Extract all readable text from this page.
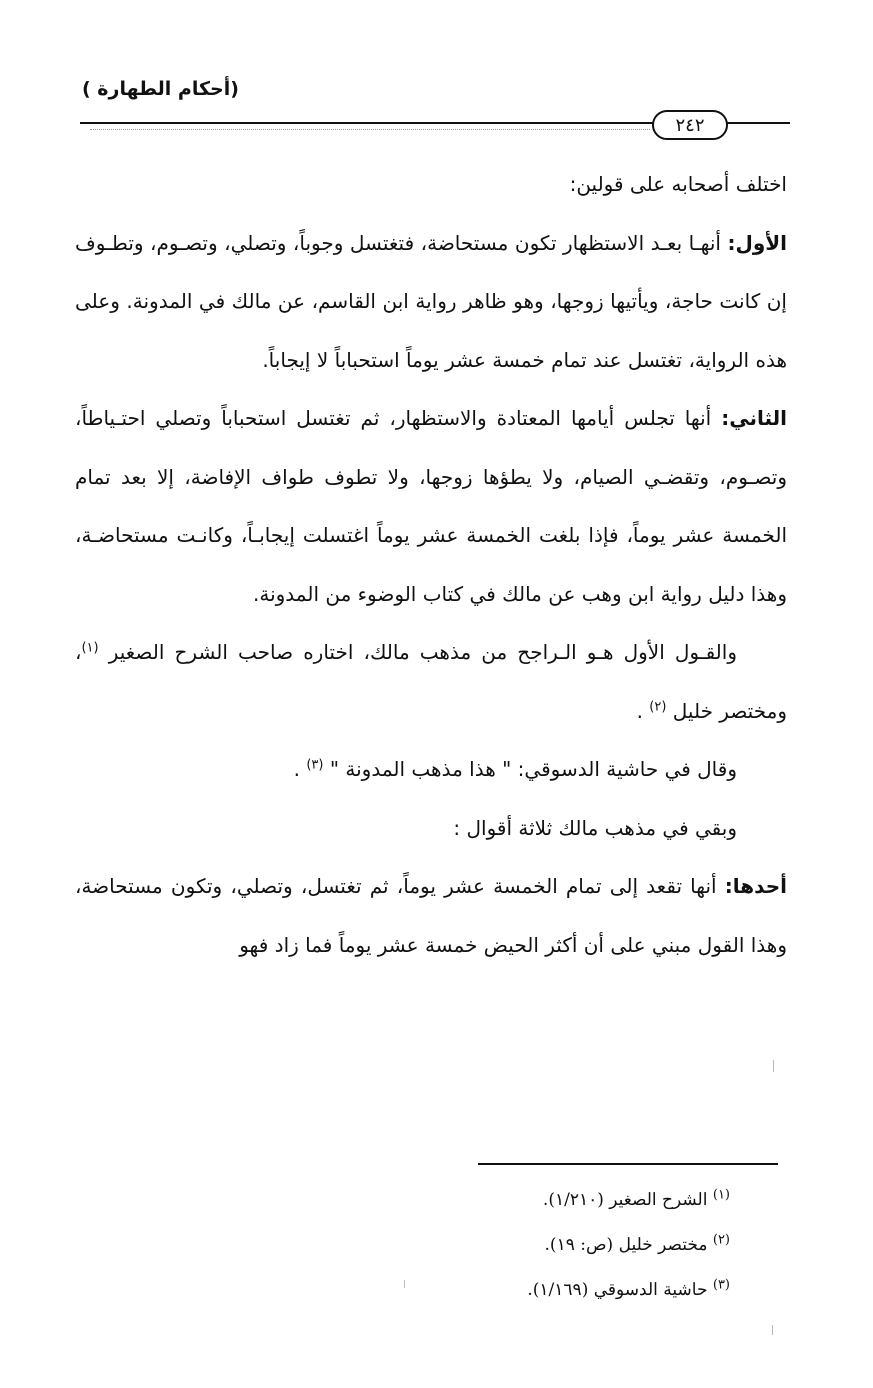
(أحكام الطهارة )
٢٤٢

اختلف أصحابه على قولين:

الأول: أنهـا بعـد الاستظهار تكون مستحاضة، فتغتسل وجوباً، وتصلي، وتصـوم، وتطـوف إن كانت حاجة، ويأتيها زوجها، وهو ظاهر رواية ابن القاسم، عن مالك في المدونة. وعلى هذه الرواية، تغتسل عند تمام خمسة عشر يوماً استحباباً لا إيجاباً.

الثاني: أنها تجلس أيامها المعتادة والاستظهار، ثم تغتسل استحباباً وتصلي احتـياطاً، وتصـوم، وتقضـي الصيام، ولا يطؤها زوجها، ولا تطوف طواف الإفاضة، إلا بعد تمام الخمسة عشر يوماً، فإذا بلغت الخمسة عشر يوماً اغتسلت إيجابـاً، وكانـت مستحاضـة، وهذا دليل رواية ابن وهب عن مالك في كتاب الوضوء من المدونة.

والقـول الأول هـو الـراجح من مذهب مالك، اختاره صاحب الشرح الصغير $^{(١)}$، ومختصر خليل $^{(٢)}$ .

وقال في حاشية الدسوقي: " هذا مذهب المدونة " $^{(٣)}$ .

وبقي في مذهب مالك ثلاثة أقوال :

أحدها: أنها تقعد إلى تمام الخمسة عشر يوماً، ثم تغتسل، وتصلي، وتكون مستحاضة، وهذا القول مبني على أن أكثر الحيض خمسة عشر يوماً فما زاد فهو

$^{(١)}$ الشرح الصغير (١/٢١٠).

$^{(٢)}$ مختصر خليل (ص: ١٩).

$^{(٣)}$ حاشية الدسوقي (١/١٦٩).
